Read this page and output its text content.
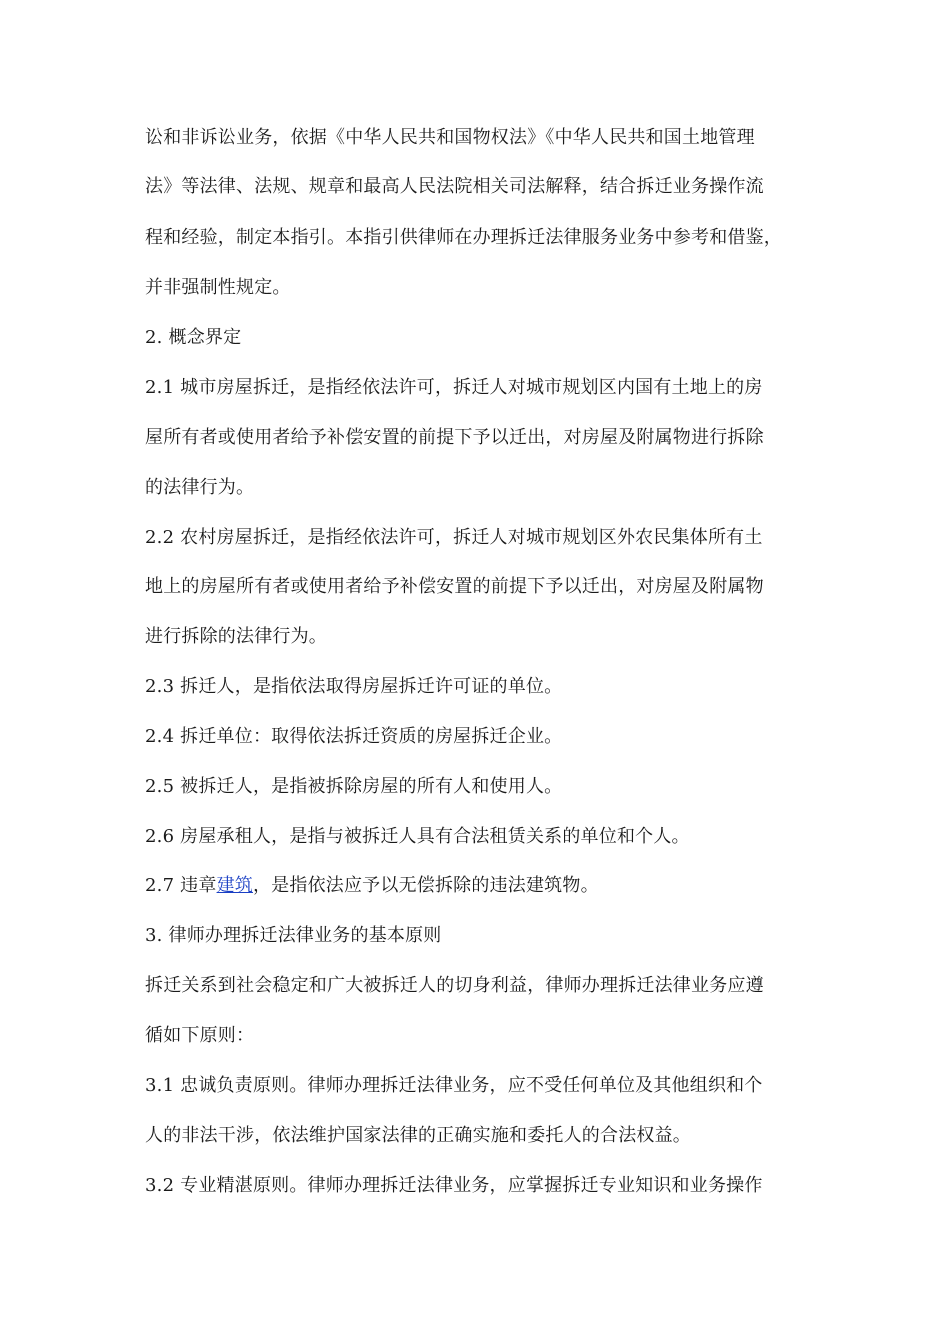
讼和非诉讼业务，依据《中华人民共和国物权法》《中华人民共和国土地管理
法》等法律、法规、规章和最高人民法院相关司法解释，结合拆迁业务操作流
程和经验，制定本指引。本指引供律师在办理拆迁法律服务业务中参考和借鉴，
并非强制性规定。
2. 概念界定
2.1 城市房屋拆迁，是指经依法许可，拆迁人对城市规划区内国有土地上的房
屋所有者或使用者给予补偿安置的前提下予以迁出，对房屋及附属物进行拆除
的法律行为。
2.2 农村房屋拆迁，是指经依法许可，拆迁人对城市规划区外农民集体所有土
地上的房屋所有者或使用者给予补偿安置的前提下予以迁出，对房屋及附属物
进行拆除的法律行为。
2.3 拆迁人，是指依法取得房屋拆迁许可证的单位。
2.4 拆迁单位：取得依法拆迁资质的房屋拆迁企业。
2.5 被拆迁人，是指被拆除房屋的所有人和使用人。
2.6 房屋承租人，是指与被拆迁人具有合法租赁关系的单位和个人。
2.7 违章建筑，是指依法应予以无偿拆除的违法建筑物。
3. 律师办理拆迁法律业务的基本原则
拆迁关系到社会稳定和广大被拆迁人的切身利益，律师办理拆迁法律业务应遵
循如下原则：
3.1 忠诚负责原则。律师办理拆迁法律业务，应不受任何单位及其他组织和个
人的非法干涉，依法维护国家法律的正确实施和委托人的合法权益。
3.2 专业精湛原则。律师办理拆迁法律业务，应掌握拆迁专业知识和业务操作
